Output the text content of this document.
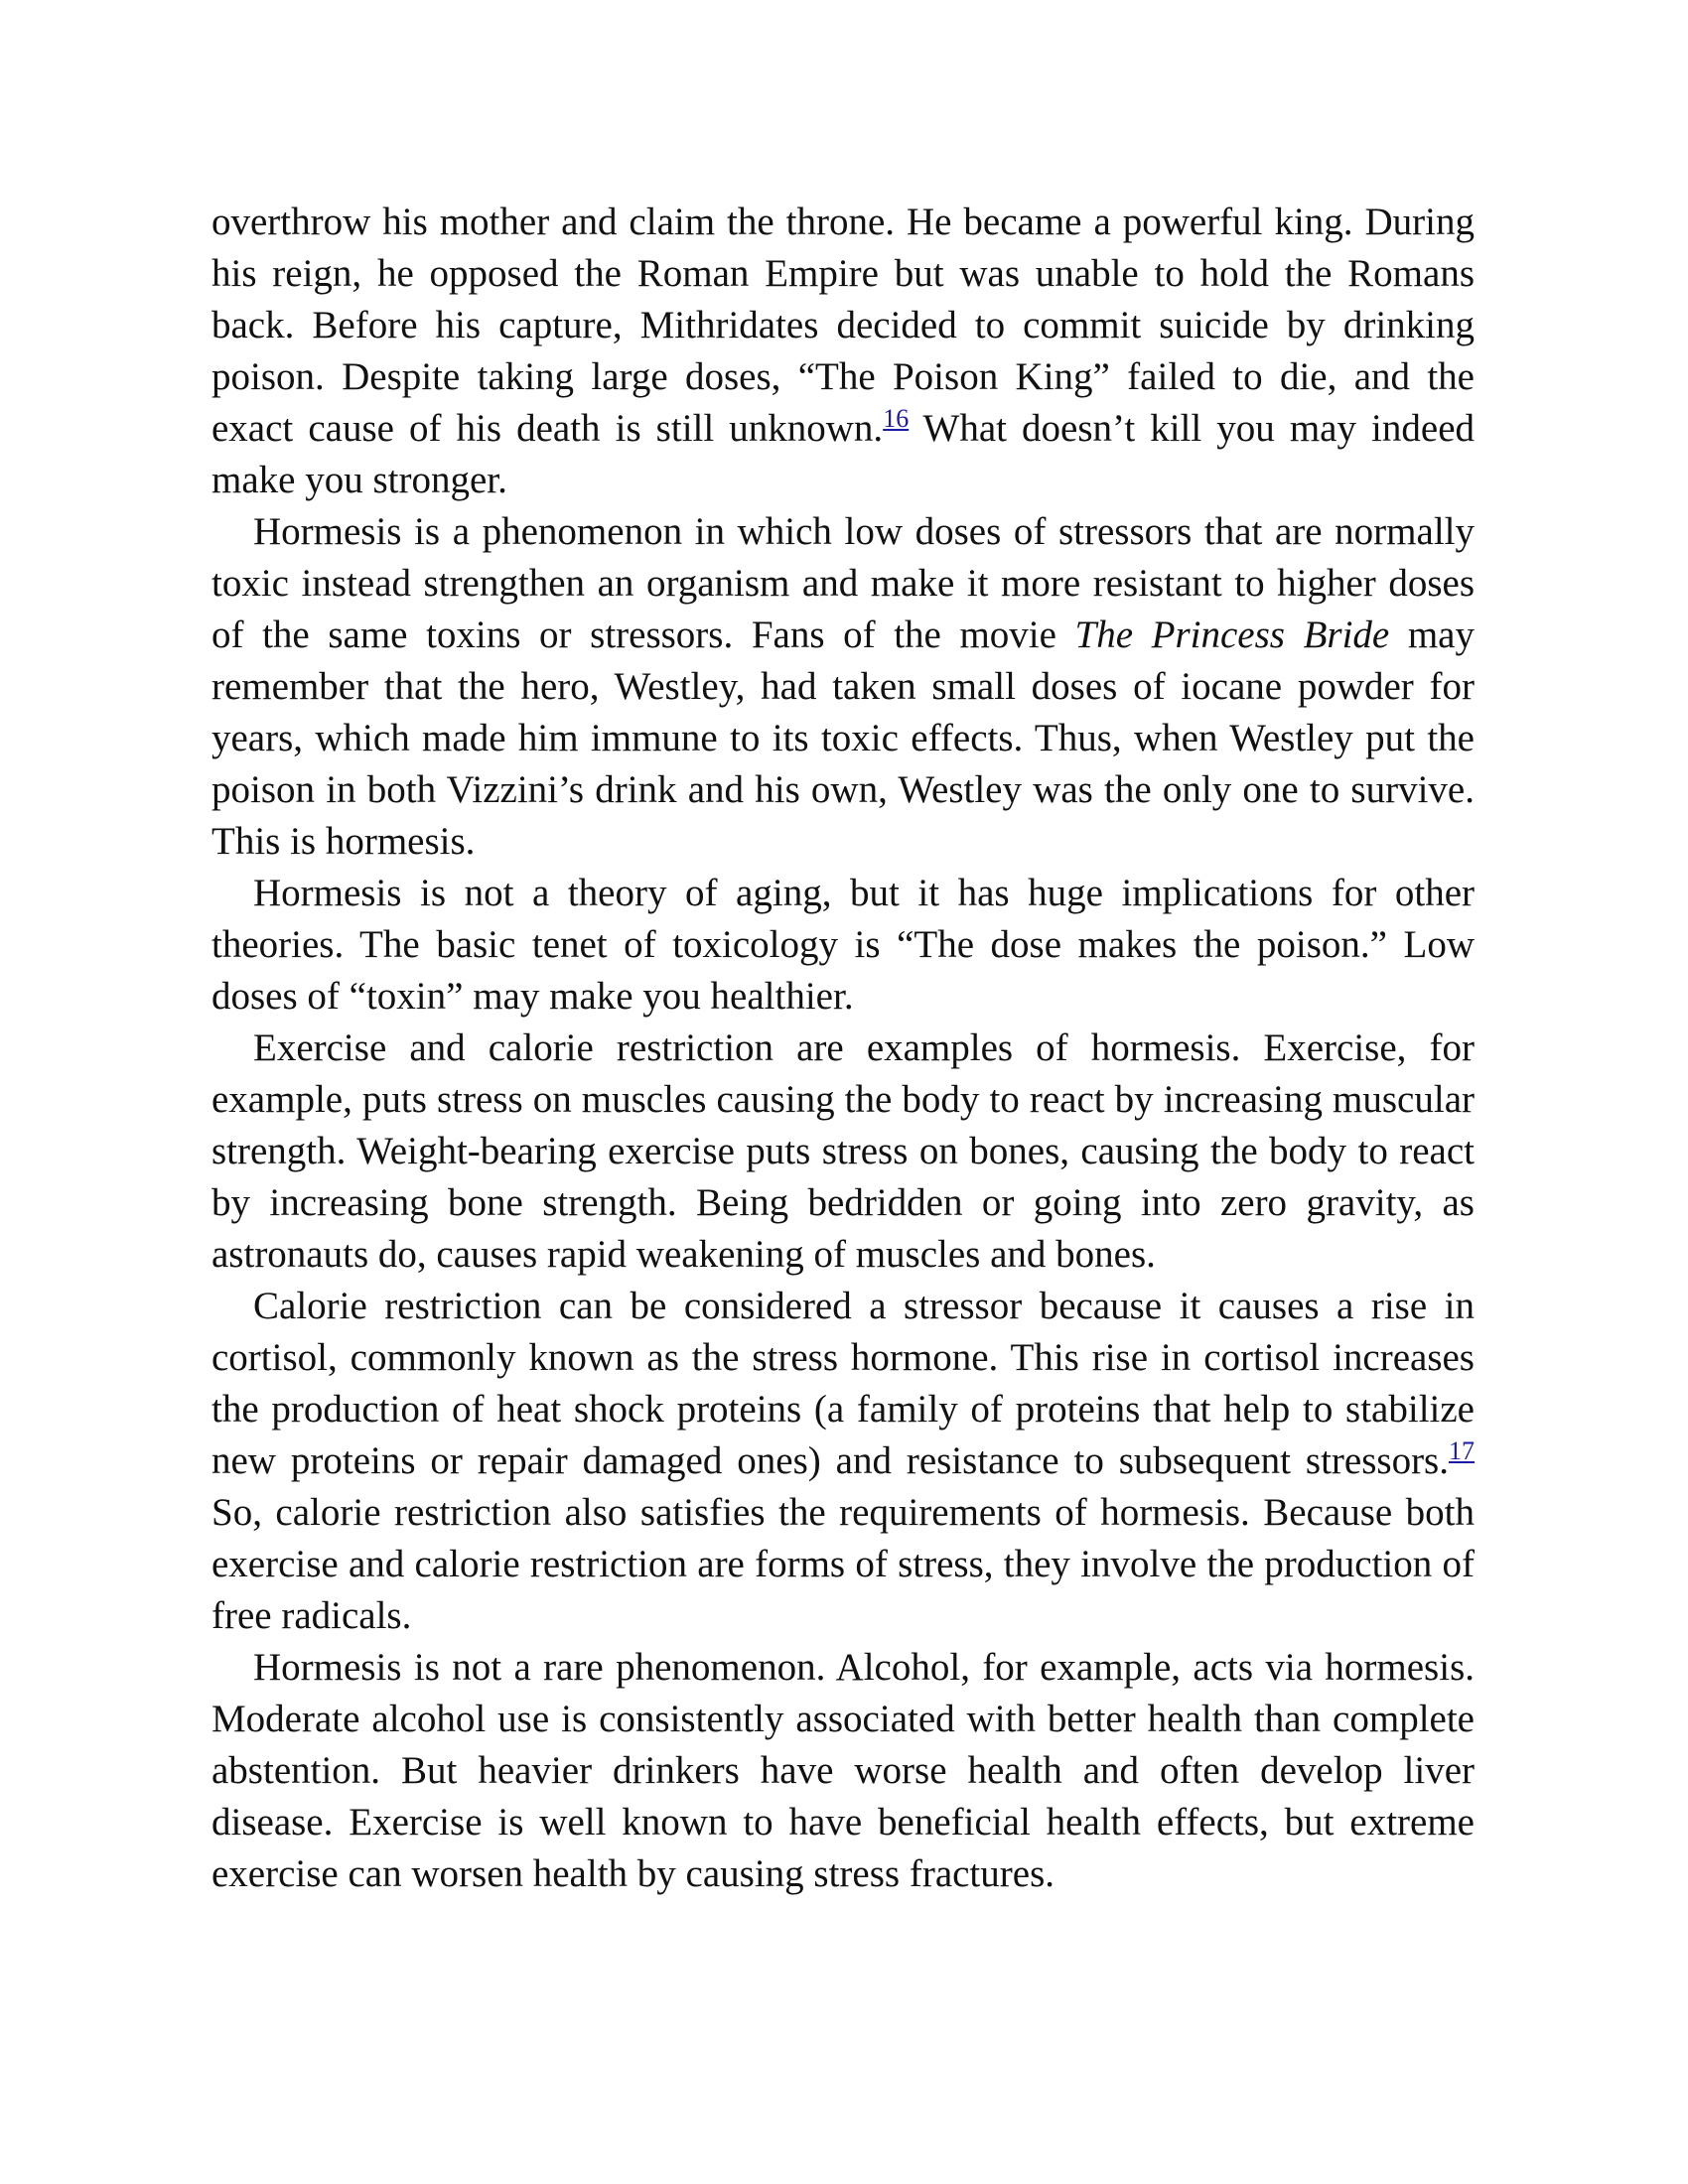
overthrow his mother and claim the throne. He became a powerful king. During his reign, he opposed the Roman Empire but was unable to hold the Romans back. Before his capture, Mithridates decided to commit suicide by drinking poison. Despite taking large doses, “The Poison King” failed to die, and the exact cause of his death is still unknown.$^{16}$ What doesn’t kill you may indeed make you stronger.

Hormesis is a phenomenon in which low doses of stressors that are normally toxic instead strengthen an organism and make it more resistant to higher doses of the same toxins or stressors. Fans of the movie The Princess Bride may remember that the hero, Westley, had taken small doses of iocane powder for years, which made him immune to its toxic effects. Thus, when Westley put the poison in both Vizzini’s drink and his own, Westley was the only one to survive. This is hormesis.

Hormesis is not a theory of aging, but it has huge implications for other theories. The basic tenet of toxicology is “The dose makes the poison.” Low doses of “toxin” may make you healthier.

Exercise and calorie restriction are examples of hormesis. Exercise, for example, puts stress on muscles causing the body to react by increasing muscular strength. Weight-bearing exercise puts stress on bones, causing the body to react by increasing bone strength. Being bedridden or going into zero gravity, as astronauts do, causes rapid weakening of muscles and bones.

Calorie restriction can be considered a stressor because it causes a rise in cortisol, commonly known as the stress hormone. This rise in cortisol increases the production of heat shock proteins (a family of proteins that help to stabilize new proteins or repair damaged ones) and resistance to subsequent stressors.$^{17}$ So, calorie restriction also satisfies the requirements of hormesis. Because both exercise and calorie restriction are forms of stress, they involve the production of free radicals.

Hormesis is not a rare phenomenon. Alcohol, for example, acts via hormesis. Moderate alcohol use is consistently associated with better health than complete abstention. But heavier drinkers have worse health and often develop liver disease. Exercise is well known to have beneficial health effects, but extreme exercise can worsen health by causing stress fractures.
